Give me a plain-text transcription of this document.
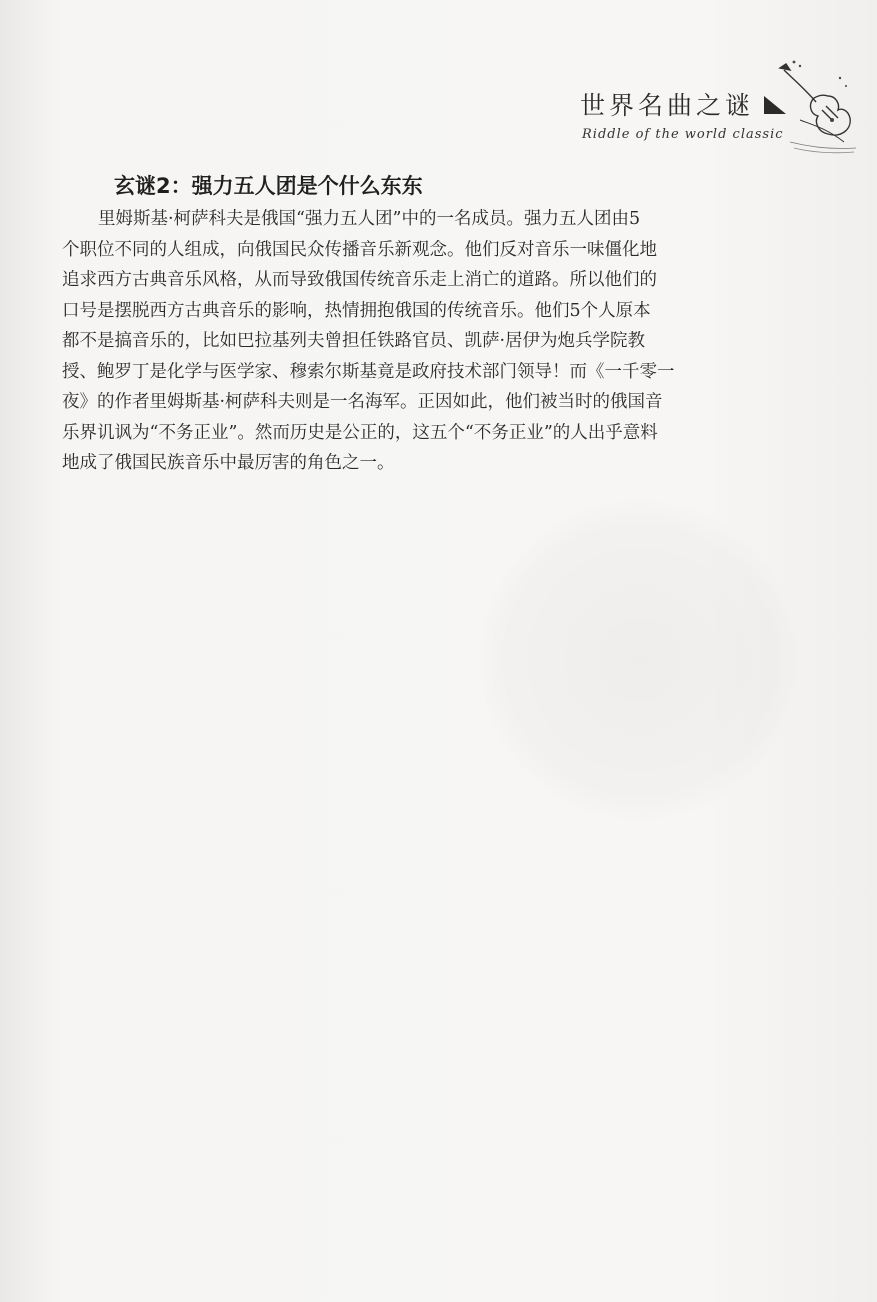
世界名曲之谜
Riddle of the world classic
玄谜2：强力五人团是个什么东东
里姆斯基·柯萨科夫是俄国“强力五人团”中的一名成员。强力五人团由5
个职位不同的人组成，向俄国民众传播音乐新观念。他们反对音乐一味僵化地
追求西方古典音乐风格，从而导致俄国传统音乐走上消亡的道路。所以他们的
口号是摆脱西方古典音乐的影响，热情拥抱俄国的传统音乐。他们5个人原本
都不是搞音乐的，比如巴拉基列夫曾担任铁路官员、凯萨·居伊为炮兵学院教
授、鲍罗丁是化学与医学家、穆索尔斯基竟是政府技术部门领导！而《一千零一
夜》的作者里姆斯基·柯萨科夫则是一名海军。正因如此，他们被当时的俄国音
乐界讥讽为“不务正业”。然而历史是公正的，这五个“不务正业”的人出乎意料
地成了俄国民族音乐中最厉害的角色之一。
